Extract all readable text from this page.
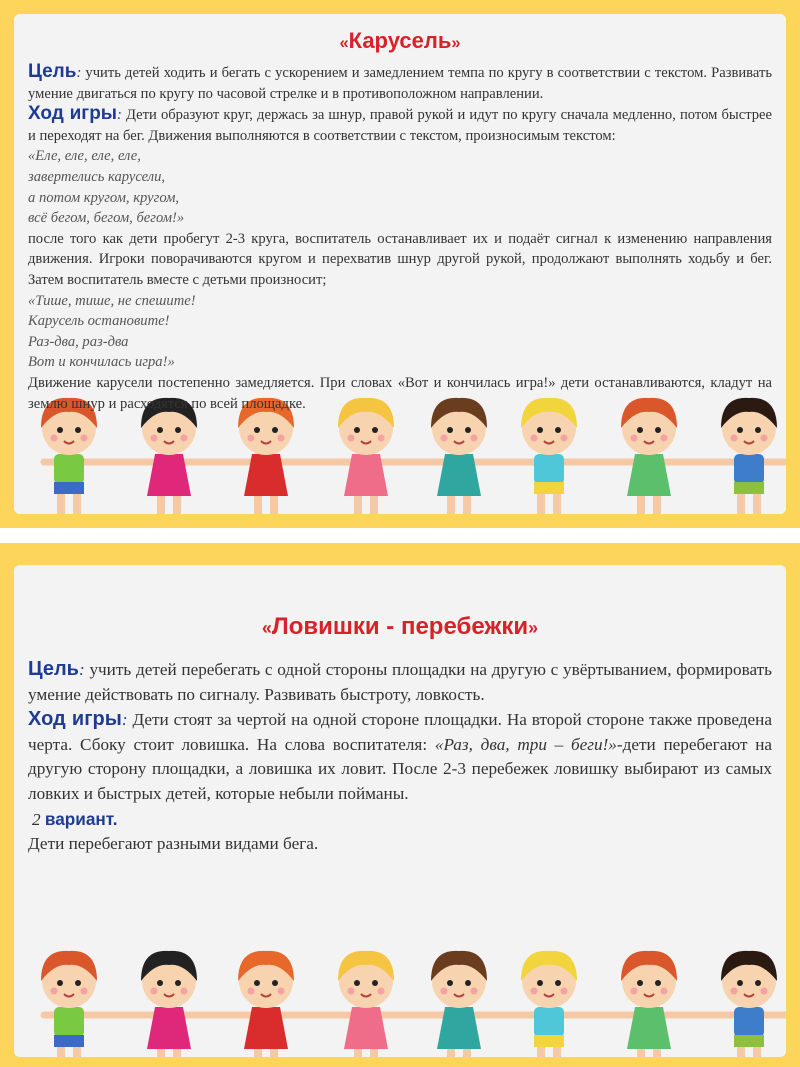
«Карусель»

Цель: учить детей ходить и бегать с ускорением и замедлением темпа по кругу в соответствии с текстом. Развивать умение двигаться по кругу по часовой стрелке и в противоположном направлении.

Ход игры: Дети образуют круг, держась за шнур, правой рукой и идут по кругу сначала медленно, потом быстрее и переходят на бег. Движения выполняются в соответствии с текстом, произносимым текстом:

«Еле, еле, еле, еле,
завертелись карусели,
а потом кругом, кругом,
всё бегом, бегом, бегом!»

после того как дети пробегут 2-3 круга, воспитатель останавливает их и подаёт сигнал к изменению направления движения. Игроки поворачиваются кругом и перехватив шнур другой рукой, продолжают выполнять ходьбу и бег. Затем воспитатель вместе с детьми произносит;

«Тише, тише, не спешите!
Карусель остановите!
Раз-два, раз-два
Вот и кончилась игра!»

Движение карусели постепенно замедляется. При словах «Вот и кончилась игра!» дети останавливаются, кладут на землю шнур и расходятся по всей площадке.

«Ловишки - перебежки»

Цель: учить детей перебегать с одной стороны площадки на другую с увёртыванием, формировать умение действовать по сигналу. Развивать быстроту, ловкость.

Ход игры: Дети стоят за чертой на одной стороне площадки. На второй стороне также проведена черта. Сбоку стоит ловишка. На слова воспитателя: «Раз, два, три – беги!»-дети перебегают на другую сторону площадки, а ловишка их ловит. После 2-3 перебежек ловишку выбирают из самых ловких и быстрых детей, которые небыли пойманы.

2 вариант.

Дети перебегают разными видами бега.
